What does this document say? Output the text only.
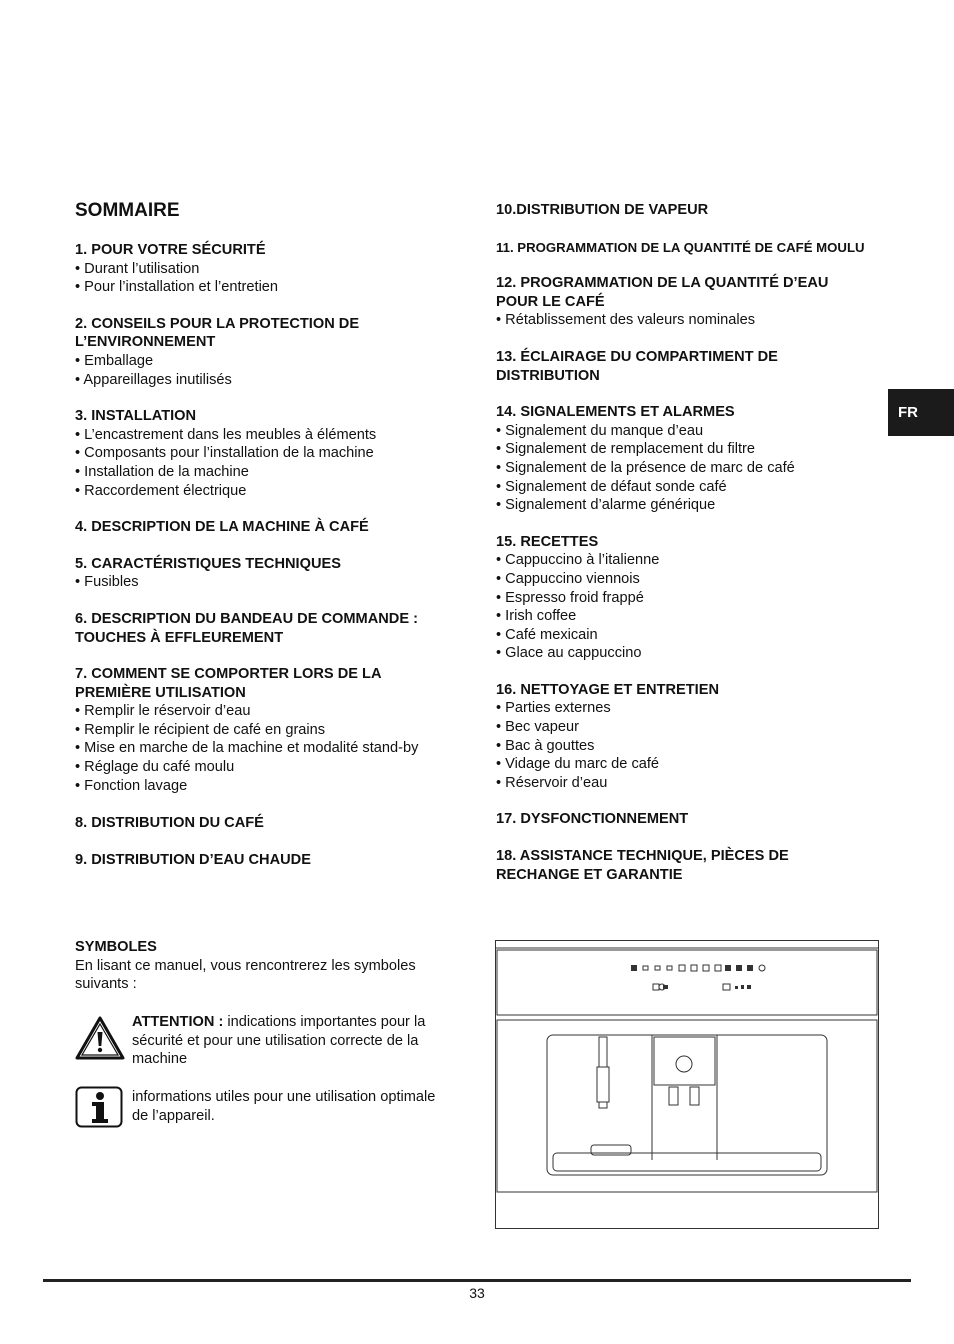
SOMMAIRE
1. POUR VOTRE SÉCURITÉ
• Durant l’utilisation
• Pour l’installation et l’entretien
2. CONSEILS POUR LA PROTECTION DE
L’ENVIRONNEMENT
• Emballage
• Appareillages inutilisés
3. INSTALLATION
• L’encastrement dans les meubles à éléments
• Composants pour l’installation de la machine
• Installation de la machine
• Raccordement électrique
4. DESCRIPTION DE LA MACHINE À CAFÉ
5. CARACTÉRISTIQUES TECHNIQUES
• Fusibles
6. DESCRIPTION DU BANDEAU DE COMMANDE :
TOUCHES À EFFLEUREMENT
7. COMMENT SE COMPORTER LORS DE LA
PREMIÈRE UTILISATION
• Remplir le réservoir d’eau
• Remplir le récipient de café en grains
• Mise en marche de la machine et modalité stand-by
• Réglage du café moulu
• Fonction lavage
8. DISTRIBUTION DU CAFÉ
9. DISTRIBUTION D’EAU CHAUDE
10.DISTRIBUTION DE VAPEUR
11. PROGRAMMATION DE LA QUANTITÉ DE CAFÉ MOULU
12. PROGRAMMATION DE LA QUANTITÉ D’EAU
POUR LE CAFÉ
• Rétablissement des valeurs nominales
13. ÉCLAIRAGE DU COMPARTIMENT DE
DISTRIBUTION
14. SIGNALEMENTS ET ALARMES
• Signalement du manque d’eau
• Signalement de remplacement du filtre
• Signalement de la présence de marc de café
• Signalement de défaut sonde café
• Signalement d’alarme générique
15. RECETTES
• Cappuccino à l’italienne
• Cappuccino viennois
• Espresso froid frappé
• Irish coffee
• Café mexicain
• Glace au cappuccino
16. NETTOYAGE ET ENTRETIEN
• Parties externes
• Bec vapeur
• Bac à gouttes
• Vidage du marc de café
• Réservoir d’eau
17. DYSFONCTIONNEMENT
18. ASSISTANCE TECHNIQUE, PIÈCES DE
RECHANGE ET GARANTIE
FR
SYMBOLES
En lisant ce manuel, vous rencontrerez les symboles
suivants :
ATTENTION : indications importantes pour la
sécurité et pour une utilisation correcte de la
machine
informations utiles pour une utilisation optimale
de l’appareil.
33
